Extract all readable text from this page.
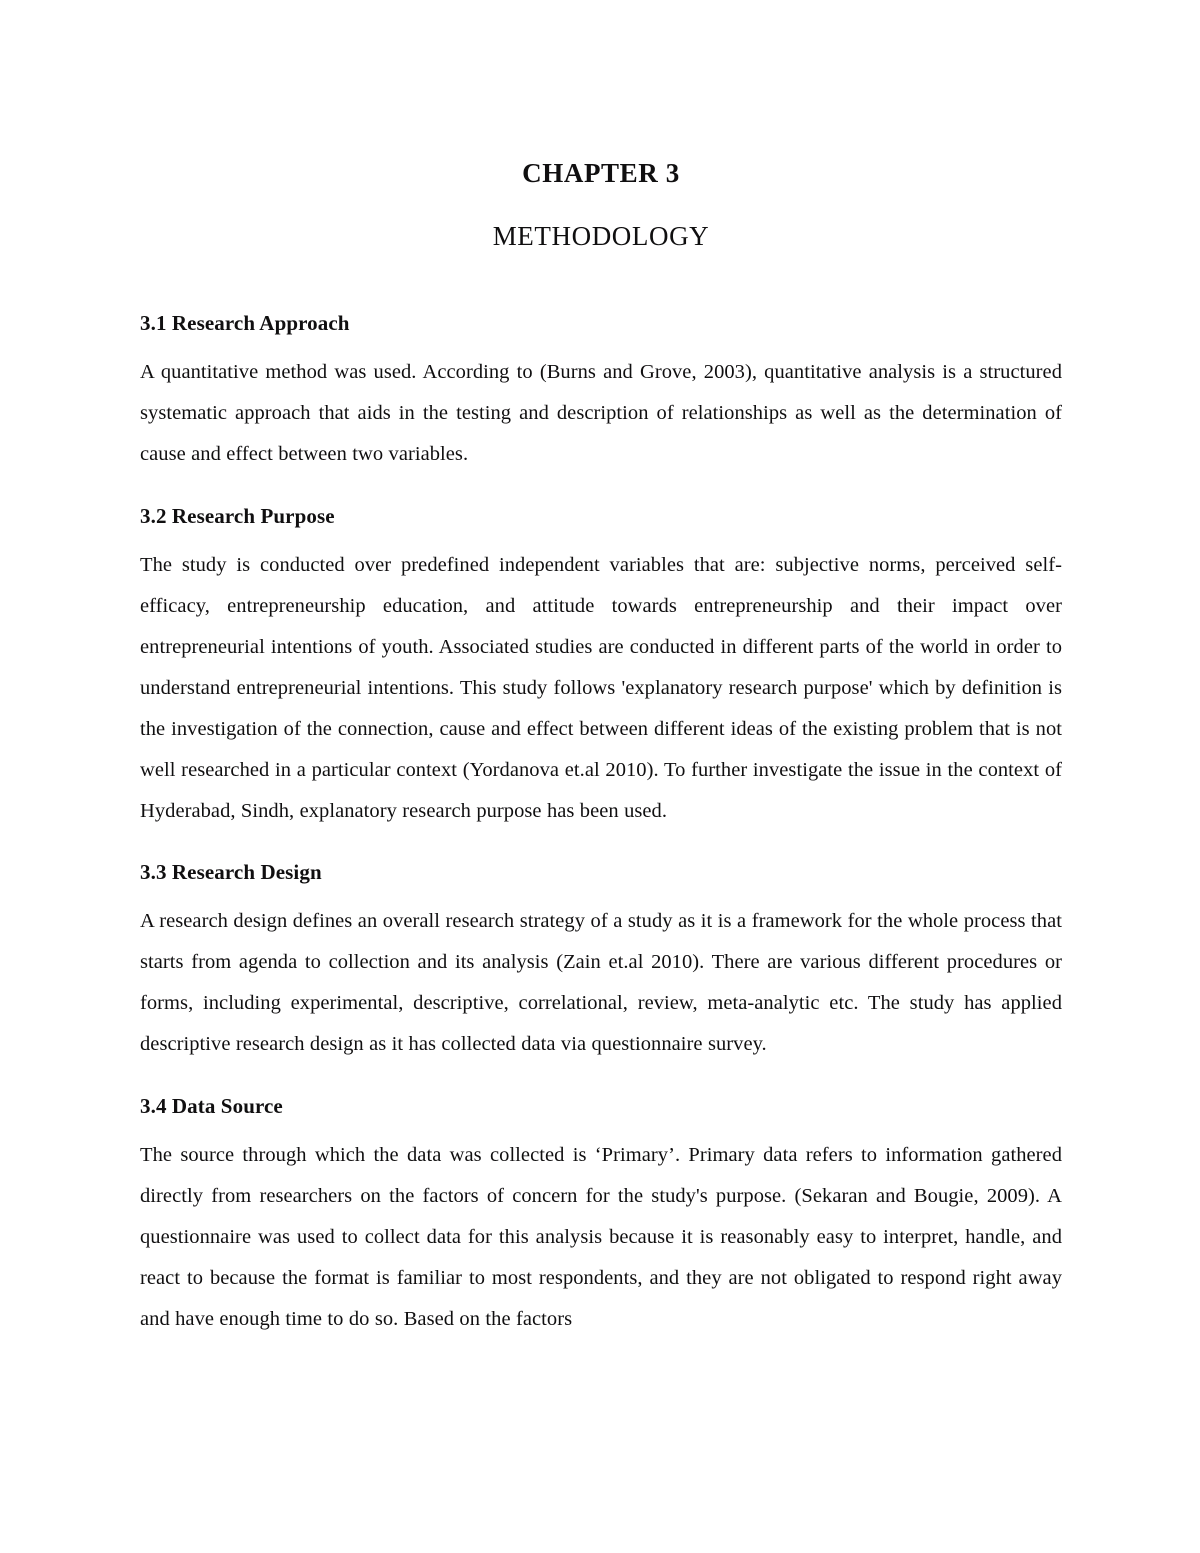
CHAPTER 3
METHODOLOGY
3.1 Research Approach

A quantitative method was used. According to (Burns and Grove, 2003), quantitative analysis is a structured systematic approach that aids in the testing and description of relationships as well as the determination of cause and effect between two variables.

3.2 Research Purpose

The study is conducted over predefined independent variables that are: subjective norms, perceived self-efficacy, entrepreneurship education, and attitude towards entrepreneurship and their impact over entrepreneurial intentions of youth. Associated studies are conducted in different parts of the world in order to understand entrepreneurial intentions. This study follows 'explanatory research purpose' which by definition is the investigation of the connection, cause and effect between different ideas of the existing problem that is not well researched in a particular context (Yordanova et.al 2010). To further investigate the issue in the context of Hyderabad, Sindh, explanatory research purpose has been used.

3.3 Research Design

A research design defines an overall research strategy of a study as it is a framework for the whole process that starts from agenda to collection and its analysis (Zain et.al 2010). There are various different procedures or forms, including experimental, descriptive, correlational, review, meta-analytic etc. The study has applied descriptive research design as it has collected data via questionnaire survey.

3.4 Data Source

The source through which the data was collected is ‘Primary’. Primary data refers to information gathered directly from researchers on the factors of concern for the study's purpose. (Sekaran and Bougie, 2009). A questionnaire was used to collect data for this analysis because it is reasonably easy to interpret, handle, and react to because the format is familiar to most respondents, and they are not obligated to respond right away and have enough time to do so. Based on the factors
